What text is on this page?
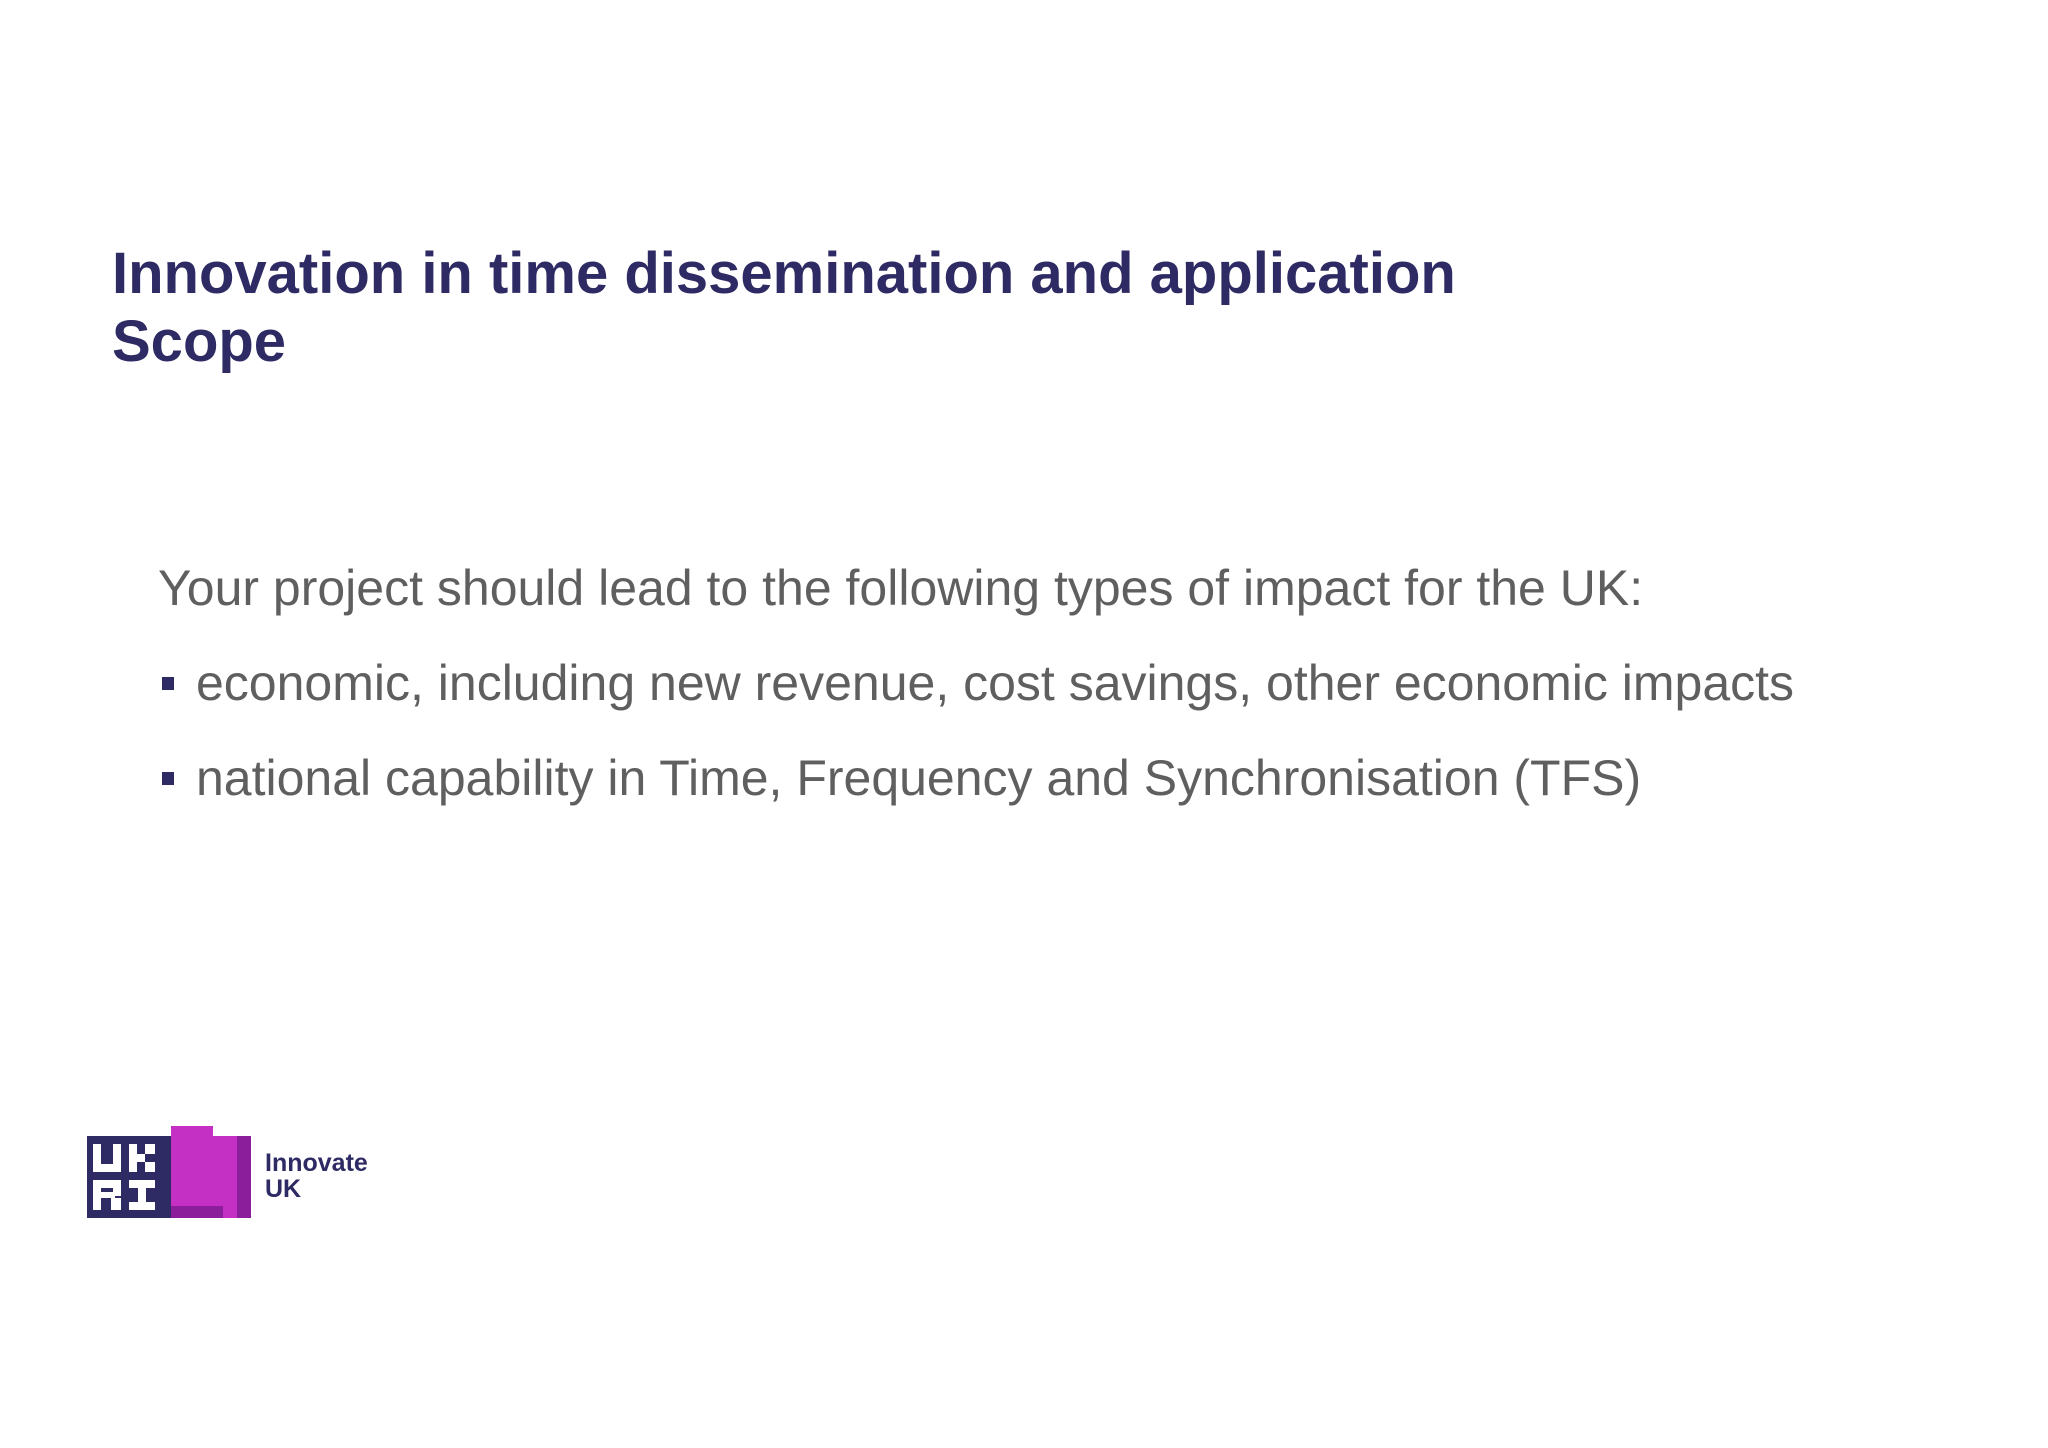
Innovation in time dissemination and application
Scope

Your project should lead to the following types of impact for the UK:

economic, including new revenue, cost savings, other economic impacts
national capability in Time, Frequency and Synchronisation (TFS)
Innovate
UK
